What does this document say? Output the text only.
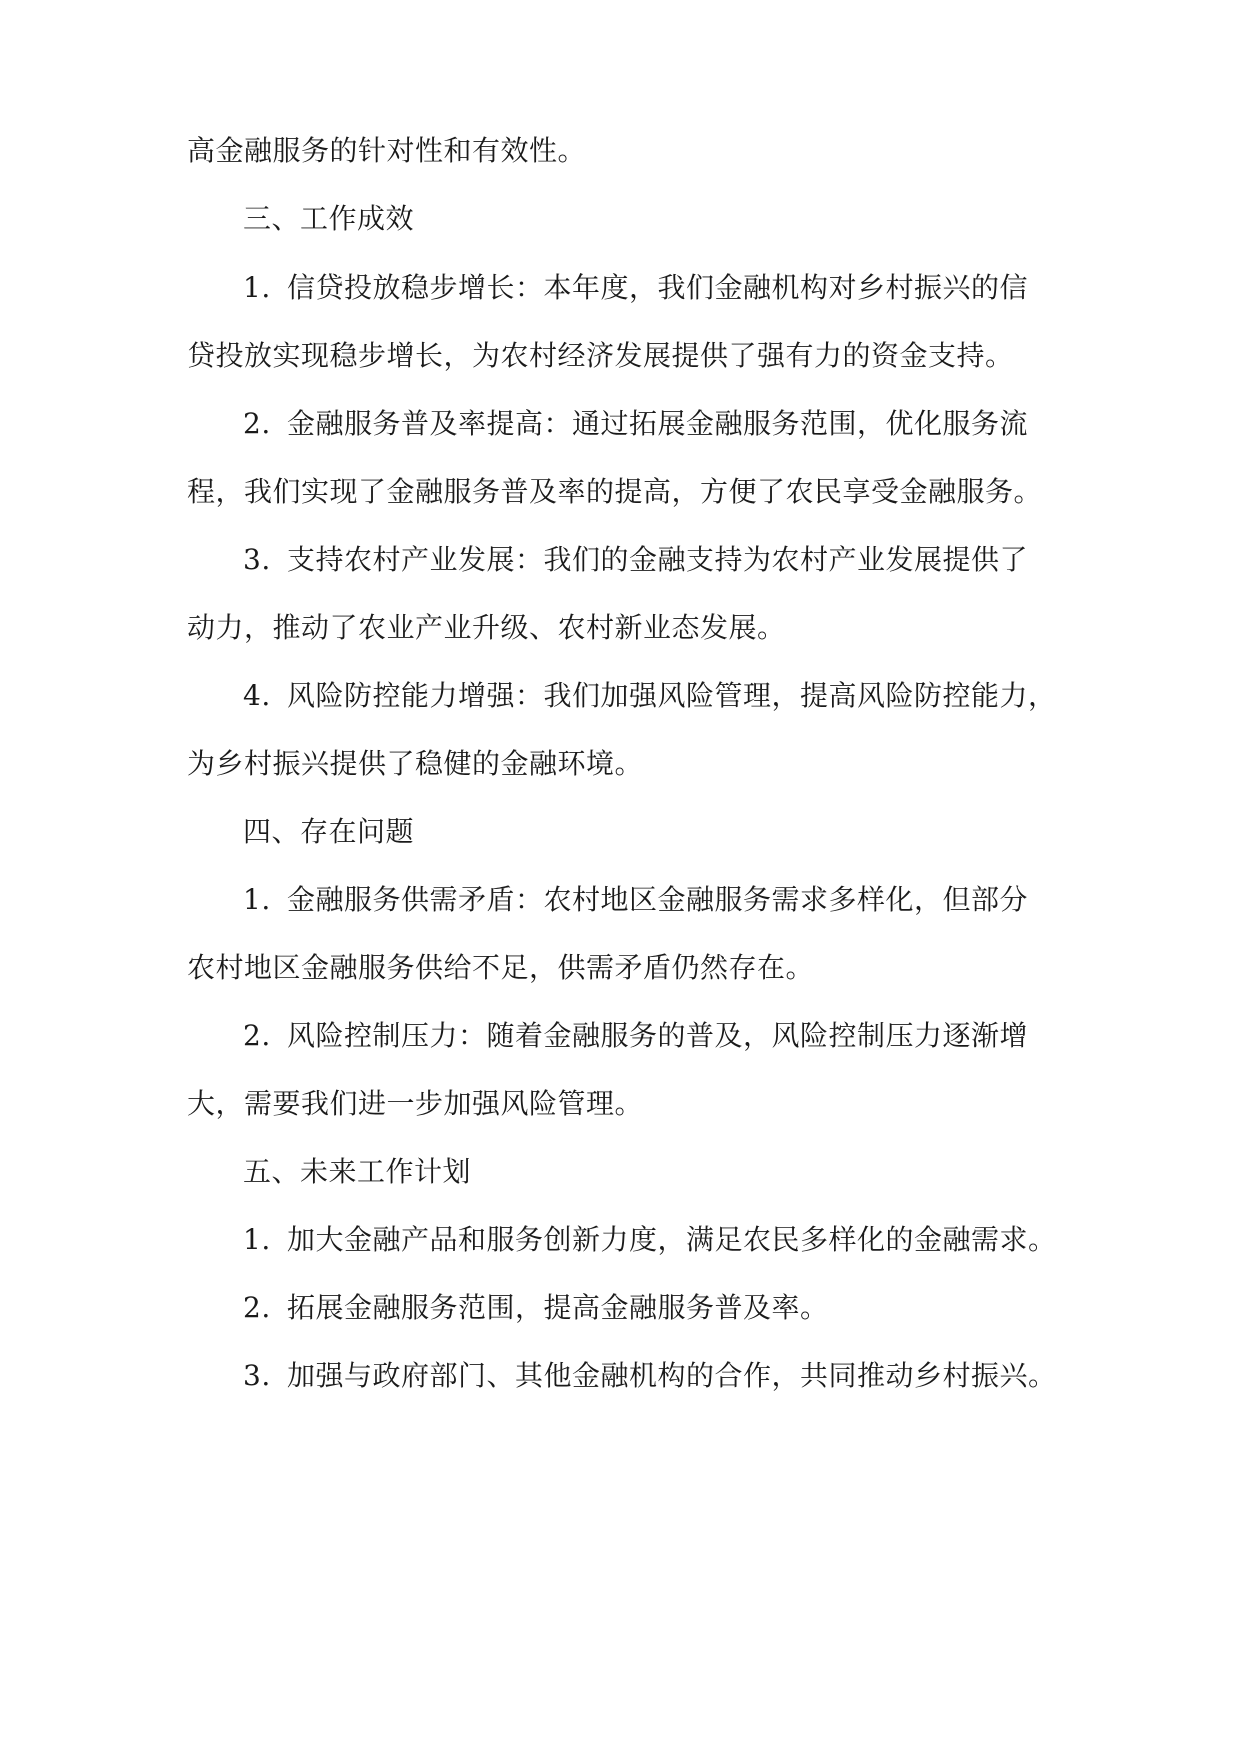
高金融服务的针对性和有效性。
三、工作成效
1. 信贷投放稳步增长：本年度，我们金融机构对乡村振兴的信
贷投放实现稳步增长，为农村经济发展提供了强有力的资金支持。
2. 金融服务普及率提高：通过拓展金融服务范围，优化服务流
程，我们实现了金融服务普及率的提高，方便了农民享受金融服务。
3. 支持农村产业发展：我们的金融支持为农村产业发展提供了
动力，推动了农业产业升级、农村新业态发展。
4. 风险防控能力增强：我们加强风险管理，提高风险防控能力，
为乡村振兴提供了稳健的金融环境。
四、存在问题
1. 金融服务供需矛盾：农村地区金融服务需求多样化，但部分
农村地区金融服务供给不足，供需矛盾仍然存在。
2. 风险控制压力：随着金融服务的普及，风险控制压力逐渐增
大，需要我们进一步加强风险管理。
五、未来工作计划
1. 加大金融产品和服务创新力度，满足农民多样化的金融需求。
2. 拓展金融服务范围，提高金融服务普及率。
3. 加强与政府部门、其他金融机构的合作，共同推动乡村振兴。
